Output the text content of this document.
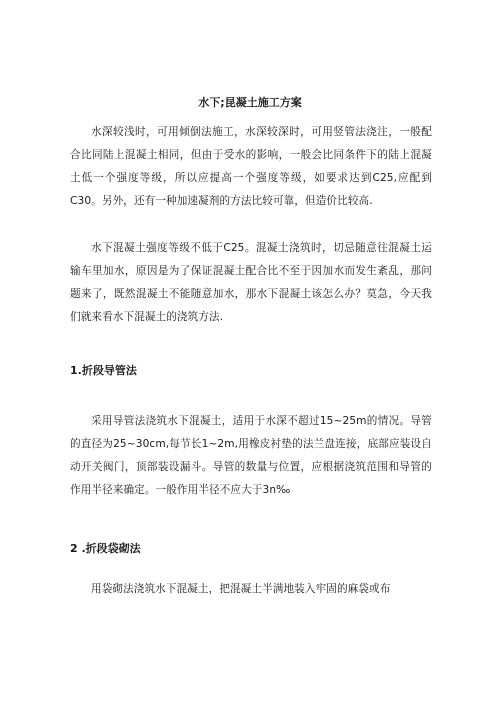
水下;昆凝土施工方案

水深较浅时，可用倾倒法施工，水深较深时，可用竖管法浇注，一般配合比同陆上混凝土相同，但由于受水的影响，一般会比同条件下的陆上混凝土低一个强度等级，所以应提高一个强度等级，如要求达到C25,应配到C30。另外，还有一种加速凝剂的方法比较可靠，但造价比较高.

水下混凝土强度等级不低于C25。混凝土浇筑时，切忌随意往混凝土运输车里加水，原因是为了保证混凝土配合比不至于因加水而发生紊乱，那问题来了，既然混凝土不能随意加水，那水下混凝土该怎么办？莫急，今天我们就来看水下混凝土的浇筑方法.

1.折段导管法

采用导管法浇筑水下混凝土，适用于水深不超过15~25m的情况。导管的直径为25~30cm,每节长1~2m,用橡皮衬垫的法兰盘连接，底部应装设自动开关阀门，顶部装设漏斗。导管的数量与位置，应根据浇筑范围和导管的作用半径来确定。一般作用半径不应大于3n‰

2 .折段袋砌法

用袋砌法浇筑水下混凝土，把混凝土半满地装入牢固的麻袋或布
